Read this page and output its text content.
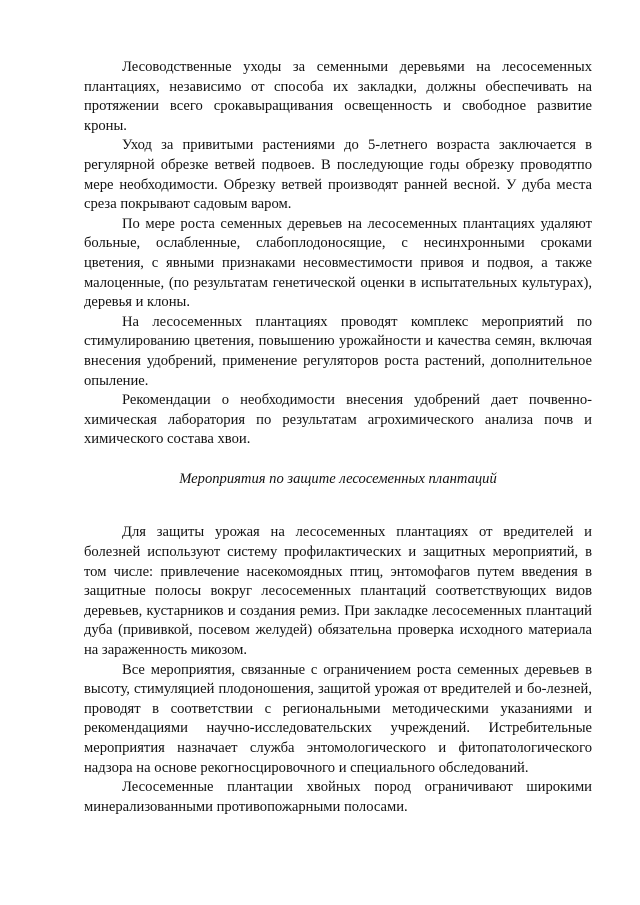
Лесоводственные уходы за семенными деревьями на лесосеменных плантациях, независимо от способа их закладки, должны обеспечивать на протяжении всего срокавыращивания освещенность и свободное развитие кроны.

Уход за привитыми растениями до 5-летнего возраста заключается в регулярной обрезке ветвей подвоев. В последующие годы обрезку проводятпо мере необходимости. Обрезку ветвей производят ранней весной. У дуба места среза покрывают садовым варом.

По мере роста семенных деревьев на лесосеменных плантациях удаляют больные, ослабленные, слабоплодоносящие, с несинхронными сроками цветения, с явными признаками несовместимости привоя и подвоя, а также малоценные, (по результатам генетической оценки в испытательных культурах), деревья и клоны.

На лесосеменных плантациях проводят комплекс мероприятий по стимулированию цветения, повышению урожайности и качества семян, включая внесения удобрений, применение регуляторов роста растений, дополнительное опыление.

Рекомендации о необходимости внесения удобрений дает почвенно-химическая лаборатория по результатам агрохимического анализа почв и химического состава хвои.

Мероприятия по защите лесосеменных плантаций

Для защиты урожая на лесосеменных плантациях от вредителей и болезней используют систему профилактических и защитных мероприятий, в том числе: привлечение насекомоядных птиц, энтомофагов путем введения в защитные полосы вокруг лесосеменных плантаций соответствующих видов деревьев, кустарников и создания ремиз. При закладке лесосеменных плантаций дуба (прививкой, посевом желудей) обязательна проверка исходного материала на зараженность микозом.

Все мероприятия, связанные с ограничением роста семенных деревьев в высоту, стимуляцией плодоношения, защитой урожая от вредителей и бо-лезней, проводят в соответствии с региональными методическими указаниями и рекомендациями научно-исследовательских учреждений. Истребительные мероприятия назначает служба энтомологического и фитопатологического надзора на основе рекогносцировочного и специального обследований.

Лесосеменные плантации хвойных пород ограничивают широкими минерализованными противопожарными полосами.
